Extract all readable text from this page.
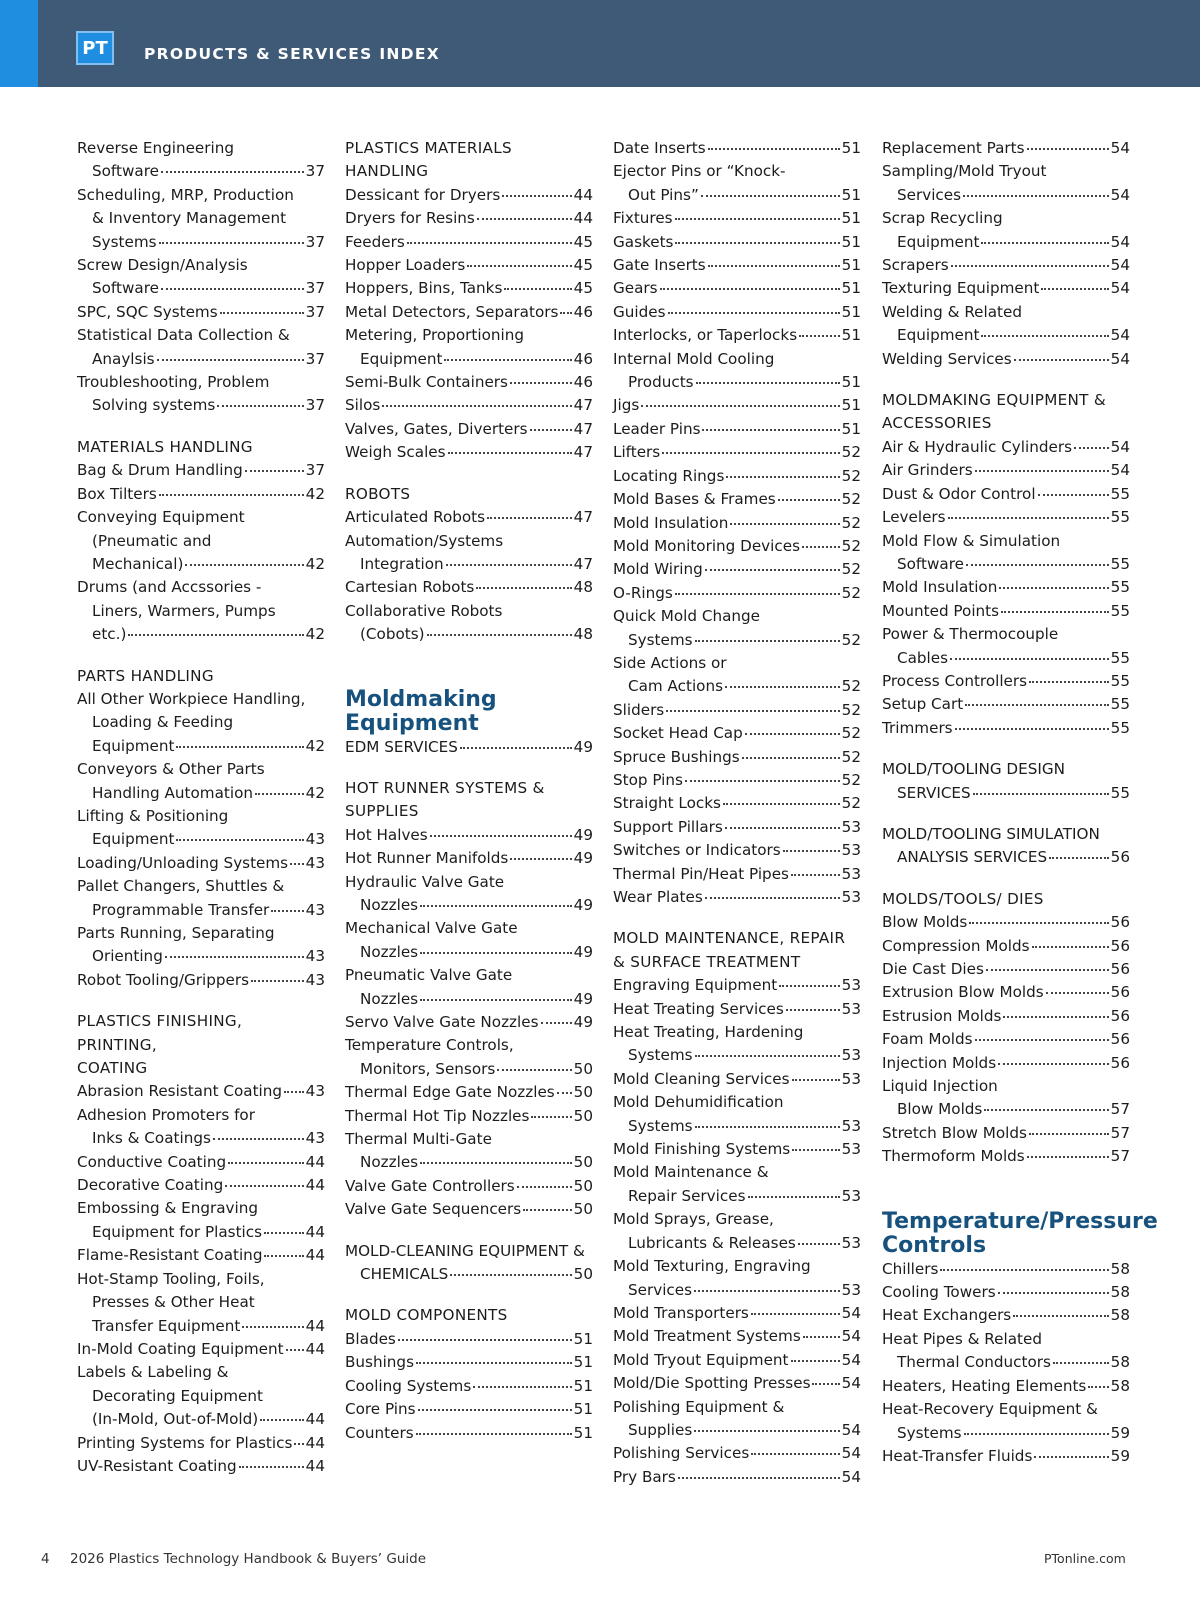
PT	PRODUCTS & SERVICES INDEX
Reverse Engineering
Software	37
Scheduling, MRP, Production
& Inventory Management
Systems	37
Screw Design/Analysis
Software	37
SPC, SQC Systems	37
Statistical Data Collection &
Anaylsis	37
Troubleshooting, Problem
Solving systems	37
MATERIALS HANDLING
Bag & Drum Handling	37
Box Tilters	42
Conveying Equipment
(Pneumatic and
Mechanical)	42
Drums (and Accssories -
Liners, Warmers, Pumps
etc.)	42
PARTS HANDLING
All Other Workpiece Handling,
Loading & Feeding
Equipment	42
Conveyors & Other Parts
Handling Automation	42
Lifting & Positioning
Equipment	43
Loading/Unloading Systems 43
Pallet Changers, Shuttles &
Programmable Transfer 43
Parts Running, Separating
Orienting	43
Robot Tooling/Grippers	43
PLASTICS FINISHING, PRINTING,
COATING
Abrasion Resistant Coating 43
Adhesion Promoters for
Inks & Coatings	43
Conductive Coating	44
Decorative Coating	44
Embossing & Engraving
Equipment for Plastics	44
Flame-Resistant Coating	44
Hot-Stamp Tooling, Foils,
Presses & Other Heat
Transfer Equipment	44
In-Mold Coating Equipment 44
Labels & Labeling &
Decorating Equipment
(In-Mold, Out-of-Mold)	44
Printing Systems for Plastics 44
UV-Resistant Coating	44
PLASTICS MATERIALS
HANDLING
Dessicant for Dryers	44
Dryers for Resins	44
Feeders	45
Hopper Loaders	45
Hoppers, Bins, Tanks	45
Metal Detectors, Separators 46
Metering, Proportioning
Equipment	46
Semi-Bulk Containers	46
Silos	47
Valves, Gates, Diverters	47
Weigh Scales	47
ROBOTS
Articulated Robots	47
Automation/Systems
Integration	47
Cartesian Robots	48
Collaborative Robots
(Cobots)	48
Moldmaking
Equipment
EDM SERVICES	49
HOT RUNNER SYSTEMS &
SUPPLIES
Hot Halves	49
Hot Runner Manifolds	49
Hydraulic Valve Gate
Nozzles	49
Mechanical Valve Gate
Nozzles	49
Pneumatic Valve Gate
Nozzles	49
Servo Valve Gate Nozzles 49
Temperature Controls,
Monitors, Sensors	50
Thermal Edge Gate Nozzles 50
Thermal Hot Tip Nozzles	50
Thermal Multi-Gate
Nozzles	50
Valve Gate Controllers	50
Valve Gate Sequencers	50
MOLD-CLEANING EQUIPMENT &
CHEMICALS	50
MOLD COMPONENTS
Blades	51
Bushings	51
Cooling Systems	51
Core Pins	51
Counters	51
Date Inserts	51
Ejector Pins or “Knock-
Out Pins”	51
Fixtures	51
Gaskets	51
Gate Inserts	51
Gears	51
Guides	51
Interlocks, or Taperlocks	51
Internal Mold Cooling
Products	51
Jigs	51
Leader Pins	51
Lifters	52
Locating Rings	52
Mold Bases & Frames	52
Mold Insulation	52
Mold Monitoring Devices	52
Mold Wiring	52
O-Rings	52
Quick Mold Change
Systems	52
Side Actions or
Cam Actions	52
Sliders	52
Socket Head Cap	52
Spruce Bushings	52
Stop Pins	52
Straight Locks	52
Support Pillars	53
Switches or Indicators	53
Thermal Pin/Heat Pipes	53
Wear Plates	53
MOLD MAINTENANCE, REPAIR
& SURFACE TREATMENT
Engraving Equipment	53
Heat Treating Services	53
Heat Treating, Hardening
Systems	53
Mold Cleaning Services	53
Mold Dehumidification
Systems	53
Mold Finishing Systems	53
Mold Maintenance &
Repair Services	53
Mold Sprays, Grease,
Lubricants & Releases	53
Mold Texturing, Engraving
Services	53
Mold Transporters	54
Mold Treatment Systems	54
Mold Tryout Equipment	54
Mold/Die Spotting Presses 54
Polishing Equipment &
Supplies	54
Polishing Services	54
Pry Bars	54
Replacement Parts	54
Sampling/Mold Tryout
Services	54
Scrap Recycling
Equipment	54
Scrapers	54
Texturing Equipment	54
Welding & Related
Equipment	54
Welding Services	54
MOLDMAKING EQUIPMENT &
ACCESSORIES
Air & Hydraulic Cylinders	54
Air Grinders	54
Dust & Odor Control	55
Levelers	55
Mold Flow & Simulation
Software	55
Mold Insulation	55
Mounted Points	55
Power & Thermocouple
Cables	55
Process Controllers	55
Setup Cart	55
Trimmers	55
MOLD/TOOLING DESIGN
SERVICES	55
MOLD/TOOLING SIMULATION
ANALYSIS SERVICES	56
MOLDS/TOOLS/ DIES
Blow Molds	56
Compression Molds	56
Die Cast Dies	56
Extrusion Blow Molds	56
Estrusion Molds	56
Foam Molds	56
Injection Molds	56
Liquid Injection
Blow Molds	57
Stretch Blow Molds	57
Thermoform Molds	57
Temperature/Pressure
Controls
Chillers	58
Cooling Towers	58
Heat Exchangers	58
Heat Pipes & Related
Thermal Conductors	58
Heaters, Heating Elements 58
Heat-Recovery Equipment &
Systems	59
Heat-Transfer Fluids	59
4 2026 Plastics Technology Handbook & Buyers’ Guide	PTonline.com
